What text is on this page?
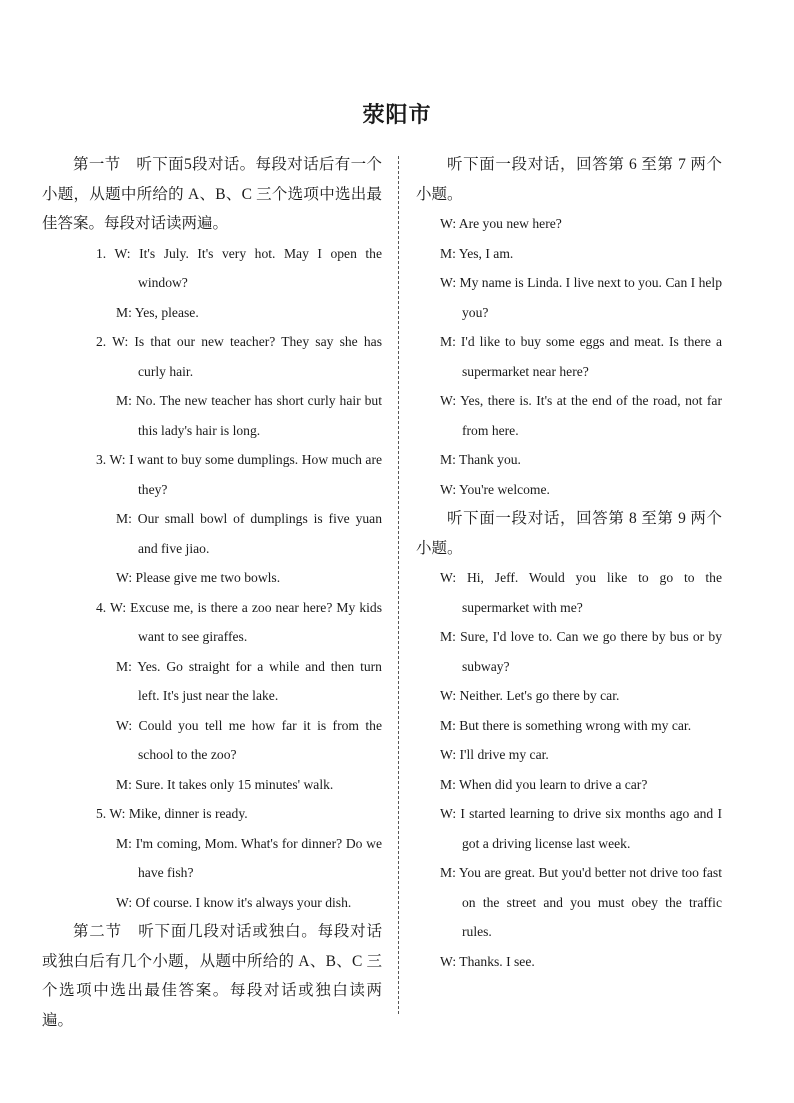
荥阳市
第一节　听下面5段对话。每段对话后有一个小题，从题中所给的 A、B、C 三个选项中选出最佳答案。每段对话读两遍。
1. W: It's July. It's very hot. May I open the window?
M: Yes, please.
2. W: Is that our new teacher? They say she has curly hair.
M: No. The new teacher has short curly hair but this lady's hair is long.
3. W: I want to buy some dumplings. How much are they?
M: Our small bowl of dumplings is five yuan and five jiao.
W: Please give me two bowls.
4. W: Excuse me, is there a zoo near here? My kids want to see giraffes.
M: Yes. Go straight for a while and then turn left. It's just near the lake.
W: Could you tell me how far it is from the school to the zoo?
M: Sure. It takes only 15 minutes' walk.
5. W: Mike, dinner is ready.
M: I'm coming, Mom. What's for dinner? Do we have fish?
W: Of course. I know it's always your dish.
第二节　听下面几段对话或独白。每段对话或独白后有几个小题，从题中所给的 A、B、C 三个选项中选出最佳答案。每段对话或独白读两遍。
听下面一段对话，回答第 6 至第 7 两个小题。
W: Are you new here?
M: Yes, I am.
W: My name is Linda. I live next to you. Can I help you?
M: I'd like to buy some eggs and meat. Is there a supermarket near here?
W: Yes, there is. It's at the end of the road, not far from here.
M: Thank you.
W: You're welcome.
听下面一段对话，回答第 8 至第 9 两个小题。
W: Hi, Jeff. Would you like to go to the supermarket with me?
M: Sure, I'd love to. Can we go there by bus or by subway?
W: Neither. Let's go there by car.
M: But there is something wrong with my car.
W: I'll drive my car.
M: When did you learn to drive a car?
W: I started learning to drive six months ago and I got a driving license last week.
M: You are great. But you'd better not drive too fast on the street and you must obey the traffic rules.
W: Thanks. I see.
